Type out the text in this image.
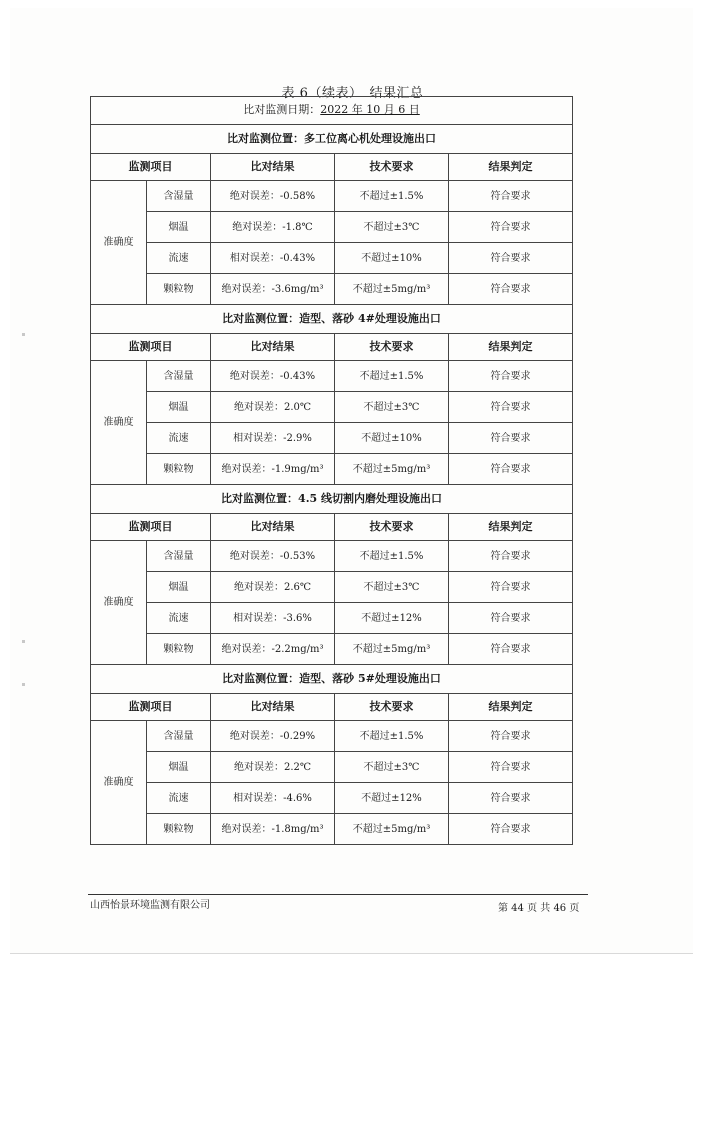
表 6（续表）　结果汇总
比对监测日期：2022 年 10 月 6 日				
比对监测位置：多工位离心机处理设施出口				
监测项目		比对结果	技术要求	结果判定
准确度	含湿量	绝对误差：-0.58%	不超过±1.5%	符合要求
	烟温	绝对误差：-1.8℃	不超过±3℃	符合要求
	流速	相对误差：-0.43%	不超过±10%	符合要求
	颗粒物	绝对误差：-3.6mg/m³	不超过±5mg/m³	符合要求
比对监测位置：造型、落砂 4#处理设施出口				
监测项目		比对结果	技术要求	结果判定
准确度	含湿量	绝对误差：-0.43%	不超过±1.5%	符合要求
	烟温	绝对误差：2.0℃	不超过±3℃	符合要求
	流速	相对误差：-2.9%	不超过±10%	符合要求
	颗粒物	绝对误差：-1.9mg/m³	不超过±5mg/m³	符合要求
比对监测位置：4.5 线切割内磨处理设施出口				
监测项目		比对结果	技术要求	结果判定
准确度	含湿量	绝对误差：-0.53%	不超过±1.5%	符合要求
	烟温	绝对误差：2.6℃	不超过±3℃	符合要求
	流速	相对误差：-3.6%	不超过±12%	符合要求
	颗粒物	绝对误差：-2.2mg/m³	不超过±5mg/m³	符合要求
比对监测位置：造型、落砂 5#处理设施出口				
监测项目		比对结果	技术要求	结果判定
准确度	含湿量	绝对误差：-0.29%	不超过±1.5%	符合要求
	烟温	绝对误差：2.2℃	不超过±3℃	符合要求
	流速	相对误差：-4.6%	不超过±12%	符合要求
	颗粒物	绝对误差：-1.8mg/m³	不超过±5mg/m³	符合要求
山西怡景环境监测有限公司	第 44 页 共 46 页
